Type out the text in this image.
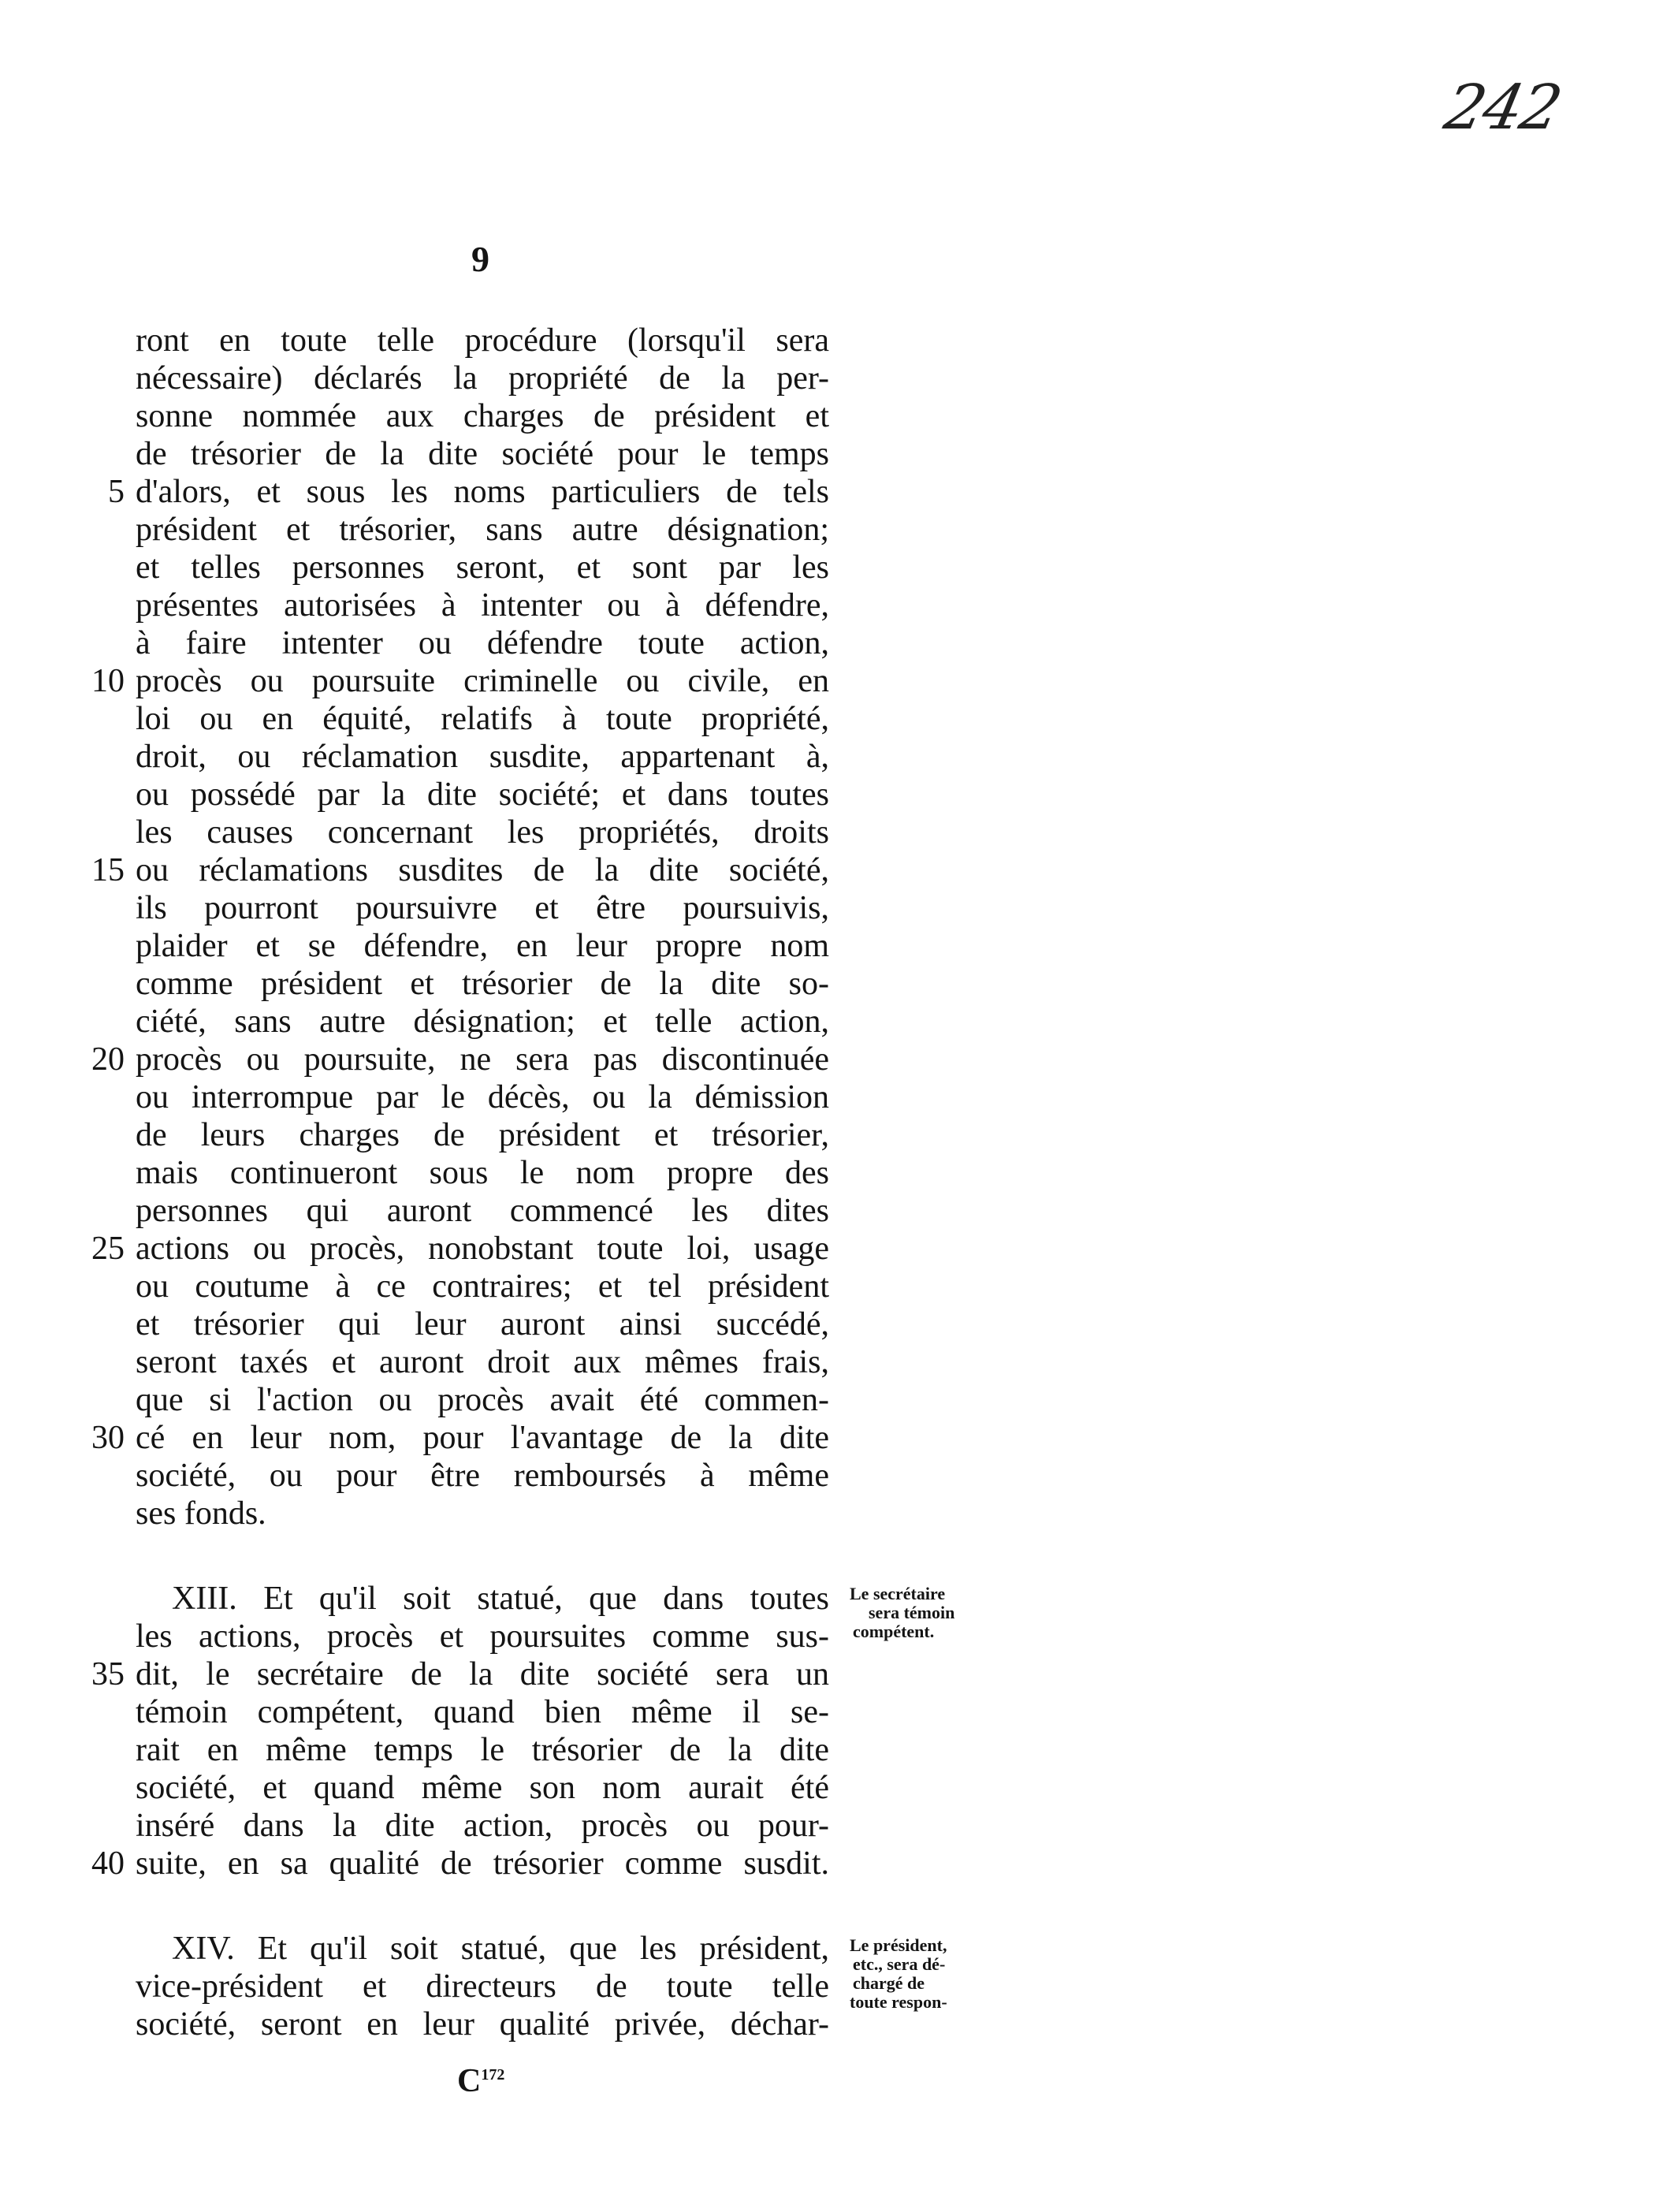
242
9
ront en toute telle procédure (lorsqu'il sera
nécessaire) déclarés la propriété de la per-
sonne nommée aux charges de président et
de trésorier de la dite société pour le temps
d'alors, et sous les noms particuliers de tels
président et trésorier, sans autre désignation;
et telles personnes seront, et sont par les
présentes autorisées à intenter ou à défendre,
à faire intenter ou défendre toute action,
procès ou poursuite criminelle ou civile, en
loi ou en équité, relatifs à toute propriété,
droit, ou réclamation susdite, appartenant à,
ou possédé par la dite société; et dans toutes
les causes concernant les propriétés, droits
ou réclamations susdites de la dite société,
ils pourront poursuivre et être poursuivis,
plaider et se défendre, en leur propre nom
comme président et trésorier de la dite so-
ciété, sans autre désignation; et telle action,
procès ou poursuite, ne sera pas discontinuée
ou interrompue par le décès, ou la démission
de leurs charges de président et trésorier,
mais continueront sous le nom propre des
personnes qui auront commencé les dites
actions ou procès, nonobstant toute loi, usage
ou coutume à ce contraires; et tel président
et trésorier qui leur auront ainsi succédé,
seront taxés et auront droit aux mêmes frais,
que si l'action ou procès avait été commen-
cé en leur nom, pour l'avantage de la dite
société, ou pour être remboursés à même
ses fonds.
XIII. Et qu'il soit statué, que dans toutes
les actions, procès et poursuites comme sus-
dit, le secrétaire de la dite société sera un
témoin compétent, quand bien même il se-
rait en même temps le trésorier de la dite
société, et quand même son nom aurait été
inséré dans la dite action, procès ou pour-
suite, en sa qualité de trésorier comme susdit.
XIV. Et qu'il soit statué, que les président,
vice-président et directeurs de toute telle
société, seront en leur qualité privée, déchar-
5
10
15
20
25
30
35
40
Le secrétaire
sera témoin
compétent.
Le président,
etc., sera dé-
chargé de
toute respon-
$C^{172}$
